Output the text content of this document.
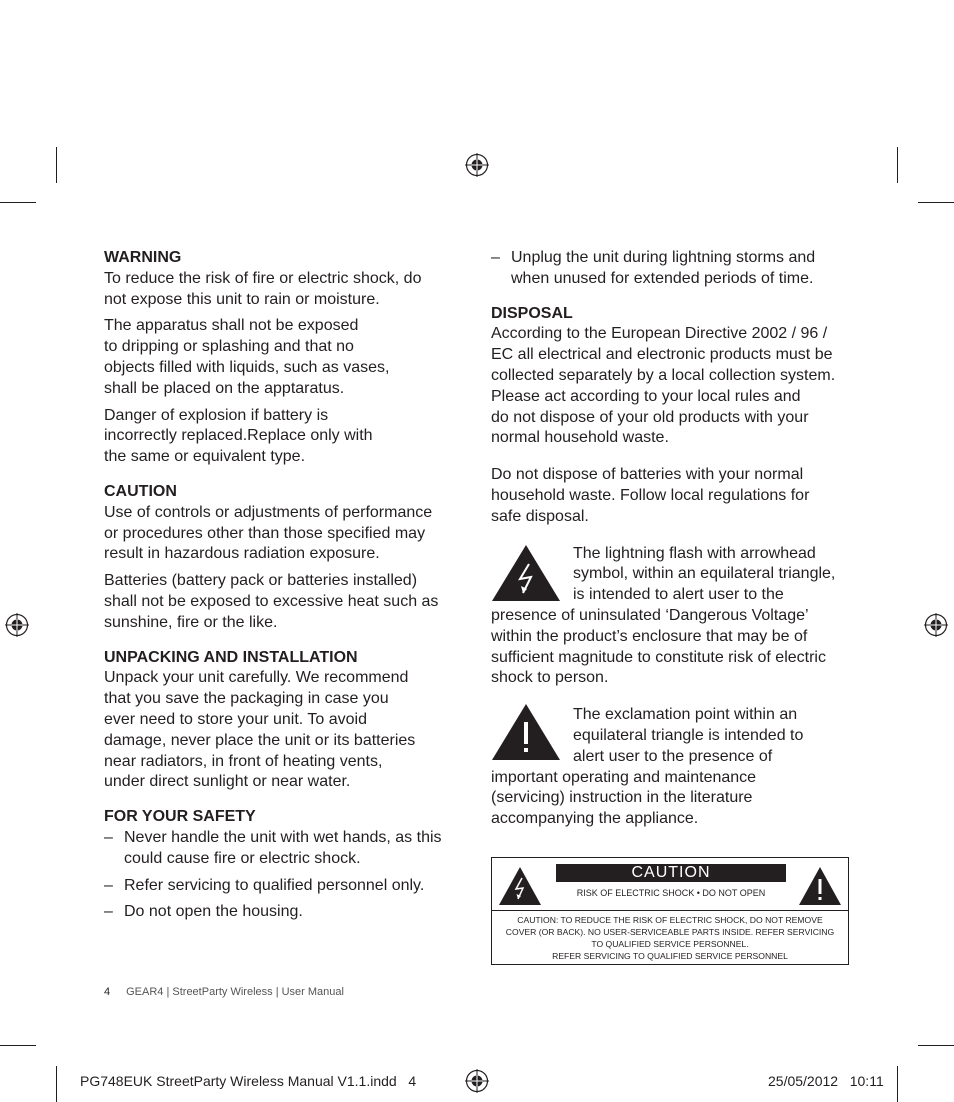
WARNING
To reduce the risk of fire or electric shock, do
not expose this unit to rain or moisture.
The apparatus shall not be exposed
to dripping or splashing and that no
objects filled with liquids, such as vases,
shall be placed on the apptaratus.
Danger of explosion if battery is
incorrectly replaced.Replace only with
the same or equivalent type.
CAUTION
Use of controls or adjustments of performance
or procedures other than those specified may
result in hazardous radiation exposure.
Batteries (battery pack or batteries installed)
shall not be exposed to excessive heat such as
sunshine, fire or the like.
UNPACKING AND INSTALLATION
Unpack your unit carefully. We recommend
that you save the packaging in case you
ever need to store your unit. To avoid
damage, never place the unit or its batteries
near radiators, in front of heating vents,
under direct sunlight or near water.
FOR YOUR SAFETY
– Never handle the unit with wet hands, as this
could cause fire or electric shock.
– Refer servicing to qualified personnel only.
– Do not open the housing.
– Unplug the unit during lightning storms and
when unused for extended periods of time.
DISPOSAL
According to the European Directive 2002 / 96 /
EC all electrical and electronic products must be
collected separately by a local collection system.
Please act according to your local rules and
do not dispose of your old products with your
normal household waste.
Do not dispose of batteries with your normal
household waste. Follow local regulations for
safe disposal.
The lightning flash with arrowhead
symbol, within an equilateral triangle,
is intended to alert user to the
presence of uninsulated ‘Dangerous Voltage’
within the product’s enclosure that may be of
sufficient magnitude to constitute risk of electric
shock to person.
The exclamation point within an
equilateral triangle is intended to
alert user to the presence of
important operating and maintenance
(servicing) instruction in the literature
accompanying the appliance.
CAUTION
RISK OF ELECTRIC SHOCK • DO NOT OPEN
CAUTION: TO REDUCE THE RISK OF ELECTRIC SHOCK, DO NOT REMOVE
COVER (OR BACK). NO USER-SERVICEABLE PARTS INSIDE. REFER SERVICING
TO QUALIFIED SERVICE PERSONNEL.
REFER SERVICING TO QUALIFIED SERVICE PERSONNEL
4 GEAR4 | StreetParty Wireless | User Manual
PG748EUK StreetParty Wireless Manual V1.1.indd   4	25/05/2012   10:11
